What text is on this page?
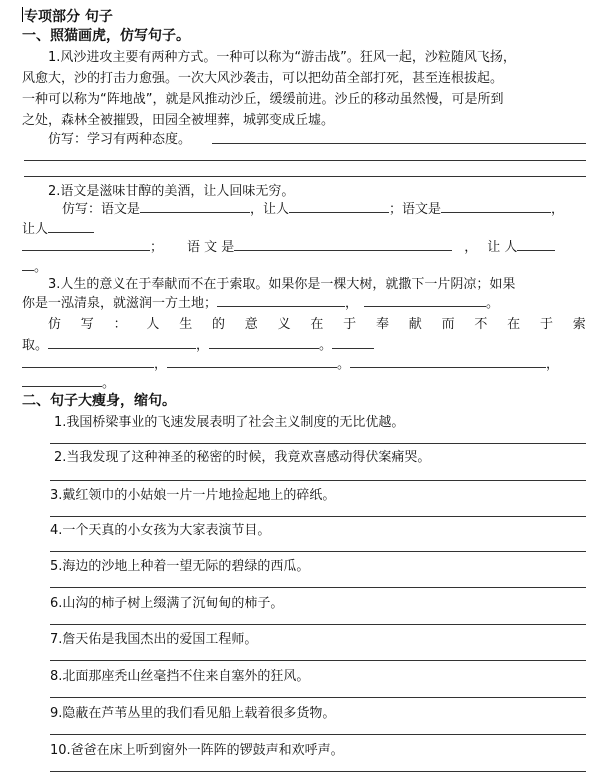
专项部分 句子
一、照猫画虎，仿写句子。
1.风沙进攻主要有两种方式。一种可以称为“游击战”。狂风一起，沙粒随风飞扬，
风愈大，沙的打击力愈强。一次大风沙袭击，可以把幼苗全部打死，甚至连根拔起。
一种可以称为“阵地战”，就是风推动沙丘，缓缓前进。沙丘的移动虽然慢，可是所到
之处，森林全被摧毁，田园全被埋葬，城郭变成丘墟。
仿写：学习有两种态度。
2.语文是滋味甘醇的美酒，让人回味无穷。
仿写：语文是	，让人	；语文是	，
让人
； 语 文 是	， 让 人
。
3.人生的意义在于奉献而不在于索取。如果你是一棵大树，就撒下一片阴凉；如果
你是一泓清泉，就滋润一方土地；	，	。
仿 写 ： 人 生 的 意 义 在 于 奉 献 而 不 在 于 索
取。	，	。
，	。	，
。
二、句子大瘦身，缩句。
1.我国桥梁事业的飞速发展表明了社会主义制度的无比优越。
2.当我发现了这种神圣的秘密的时候，我竟欢喜感动得伏案痛哭。
3.戴红领巾的小姑娘一片一片地捡起地上的碎纸。
4.一个天真的小女孩为大家表演节目。
5.海边的沙地上种着一望无际的碧绿的西瓜。
6.山沟的柿子树上缀满了沉甸甸的柿子。
7.詹天佑是我国杰出的爱国工程师。
8.北面那座秃山丝毫挡不住来自塞外的狂风。
9.隐蔽在芦苇丛里的我们看见船上载着很多货物。
10.爸爸在床上听到窗外一阵阵的锣鼓声和欢呼声。
